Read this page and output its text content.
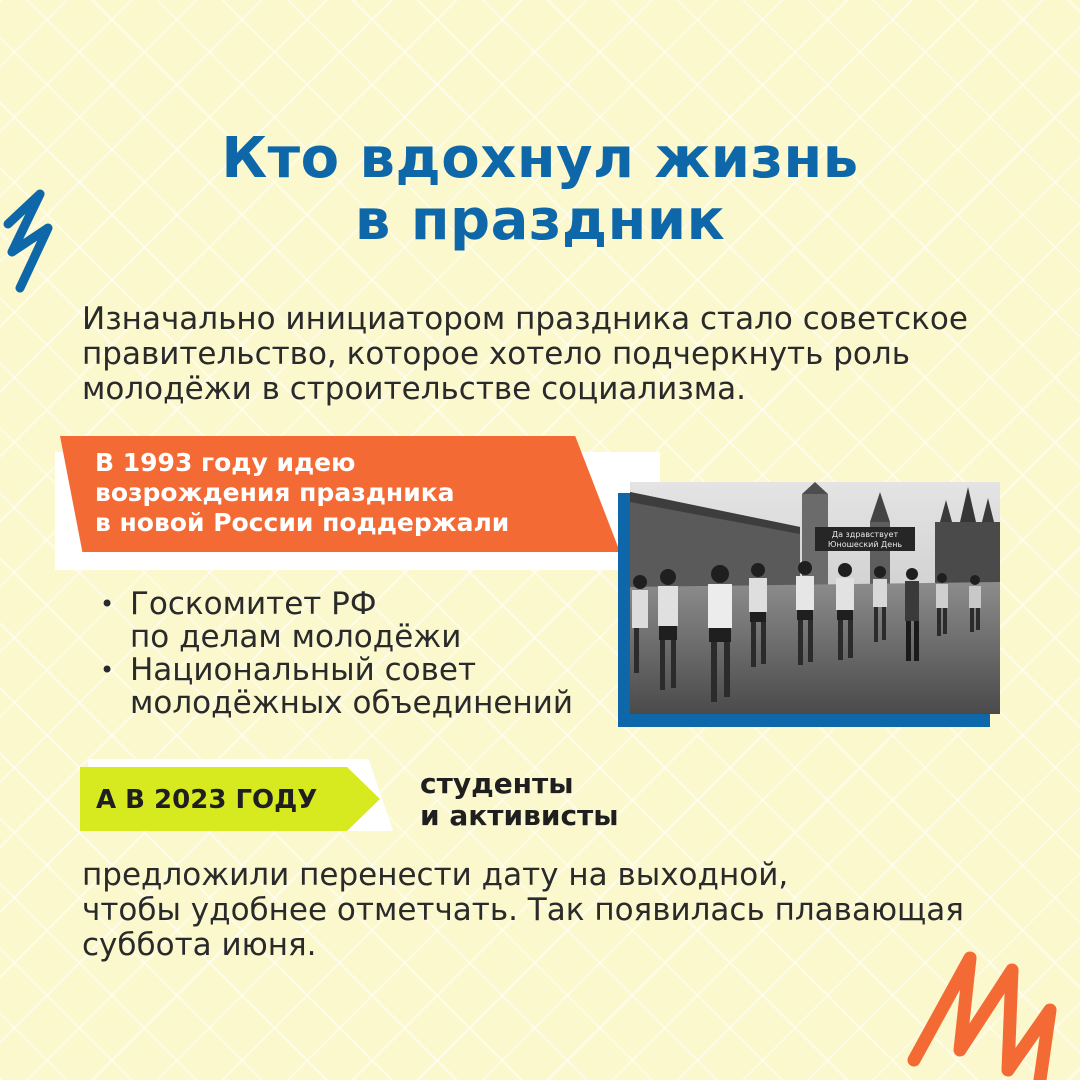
Кто вдохнул жизнь
в праздник

Изначально инициатором праздника стало советское правительство, которое хотело подчеркнуть роль молодёжи в строительстве социализма.

В 1993 году идею
возрождения праздника
в новой России поддержали	Да здравствует
Юношеский День
• Госкомитет РФ
по делам молодёжи
• Национальный совет
молодёжных объединений

А В 2023 ГОДУ	студенты
и активисты

предложили перенести дату на выходной,
чтобы удобнее отметчать. Так появилась плавающая
суббота июня.
